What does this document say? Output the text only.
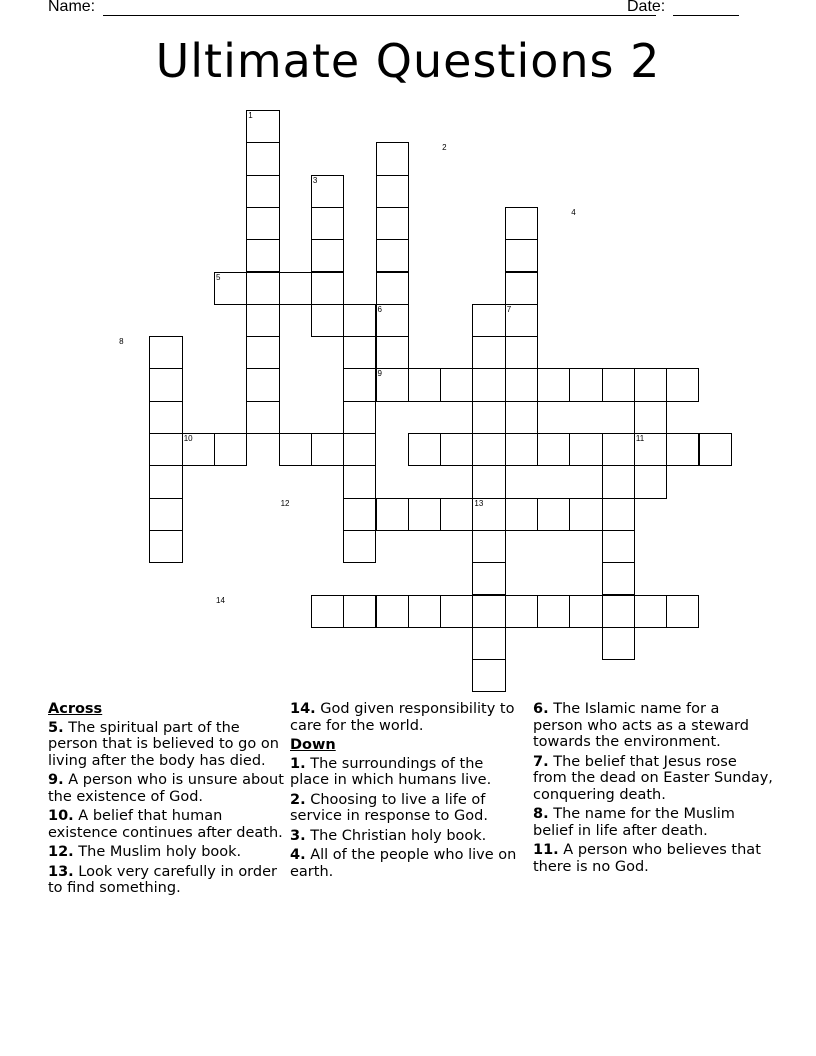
Name:	Date:
Ultimate Questions 2
1
2
3
4
5
6	7
8
9
10	11
12	13
14
Across
5. The spiritual part of the person that is believed to go on living after the body has died.
9. A person who is unsure about the existence of God.
10. A belief that human existence continues after death.
12. The Muslim holy book.
13. Look very carefully in order to find something.
14. God given responsibility to care for the world.
Down
1. The surroundings of the place in which humans live.
2. Choosing to live a life of service in response to God.
3. The Christian holy book.
4. All of the people who live on earth.
6. The Islamic name for a person who acts as a steward towards the environment.
7. The belief that Jesus rose from the dead on Easter Sunday, conquering death.
8. The name for the Muslim belief in life after death.
11. A person who believes that there is no God.
